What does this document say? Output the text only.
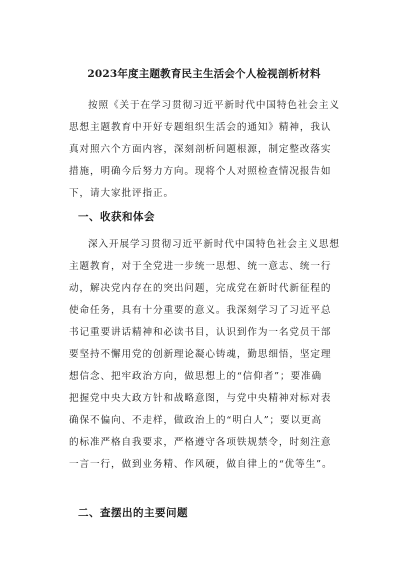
2023年度主题教育民主生活会个人检视剖析材料
按照《关于在学习贯彻习近平新时代中国特色社会主义
思想主题教育中开好专题组织生活会的通知》精神，我认
真对照六个方面内容，深刻剖析问题根源，制定整改落实
措施，明确今后努力方向。现将个人对照检查情况报告如
下，请大家批评指正。
一、收获和体会
深入开展学习贯彻习近平新时代中国特色社会主义思想
主题教育，对于全党进一步统一思想、统一意志、统一行
动，解决党内存在的突出问题，完成党在新时代新征程的
使命任务，具有十分重要的意义。我深刻学习了习近平总
书记重要讲话精神和必读书目，认识到作为一名党员干部
要坚持不懈用党的创新理论凝心铸魂，勤思细悟，坚定理
想信念、把牢政治方向，做思想上的“信仰者”；要准确
把握党中央大政方针和战略意图，与党中央精神对标对表
确保不偏向、不走样，做政治上的“明白人”；要以更高
的标准严格自我要求，严格遵守各项铁规禁令，时刻注意
一言一行，做到业务精、作风硬，做自律上的“优等生”。
二、查摆出的主要问题
